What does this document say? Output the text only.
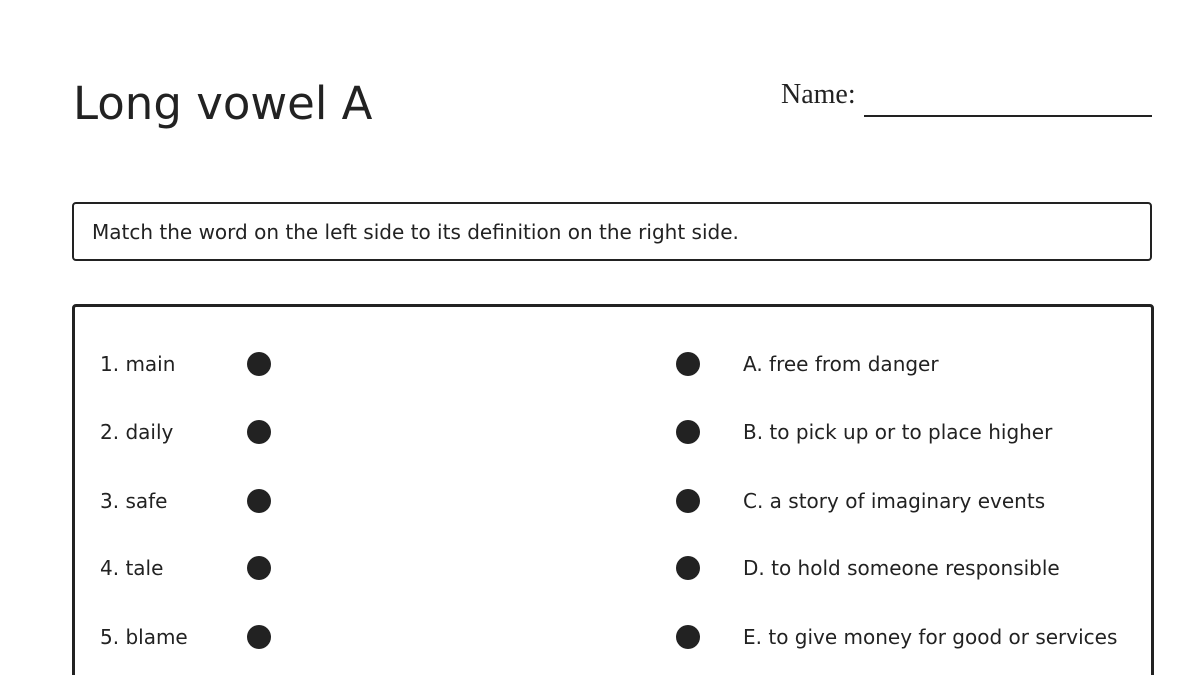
Long vowel A	Name:
Match the word on the left side to its definition on the right side.
1. main	A. free from danger
2. daily	B. to pick up or to place higher
3. safe	C. a story of imaginary events
4. tale	D. to hold someone responsible
5. blame	E. to give money for good or services
